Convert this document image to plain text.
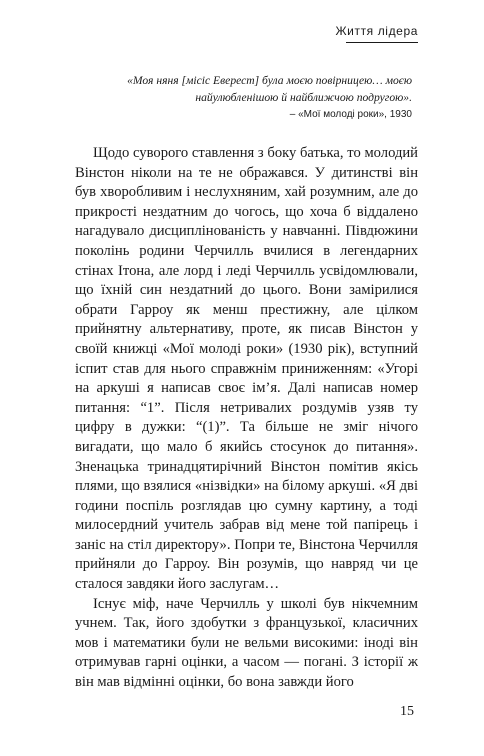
Життя лідера
«Моя няня [місіс Еверест] була моєю повірницею… моєю найулюбленішою й найближчою подругою».
– «Мої молоді роки», 1930

Щодо суворого ставлення з боку батька, то молодий Вінстон ніколи на те не ображався. У дитинстві він був хворобливим і неслухняним, хай розумним, але до прикрості нездатним до чогось, що хоча б віддалено нагадувало дисциплінованість у навчанні. Півдюжини поколінь родини Черчилль вчилися в легендарних стінах Ітона, але лорд і леді Черчилль усвідомлювали, що їхній син нездатний до цього. Вони замірилися обрати Гарроу як менш престижну, але цілком прийнятну альтернативу, проте, як писав Вінстон у своїй книжці «Мої молоді роки» (1930 рік), вступний іспит став для нього справжнім приниженням: «Угорі на аркуші я написав своє ім’я. Далі написав номер питання: “1”. Після нетривалих роздумів узяв ту цифру в дужки: “(1)”. Та більше не зміг нічого вигадати, що мало б якийсь стосунок до питання». Зненацька тринадцятирічний Вінстон помітив якісь плями, що взялися «нізвідки» на білому аркуші. «Я дві години поспіль розглядав цю сумну картину, а тоді милосердний учитель забрав від мене той папірець і заніс на стіл директору». Попри те, Вінстона Черчилля прийняли до Гарроу. Він розумів, що навряд чи це сталося завдяки його заслугам…

Існує міф, наче Черчилль у школі був нікчемним учнем. Так, його здобутки з французької, класичних мов і математики були не вельми високими: іноді він отримував гарні оцінки, а часом — погані. З історії ж він мав відмінні оцінки, бо вона завжди його

15
